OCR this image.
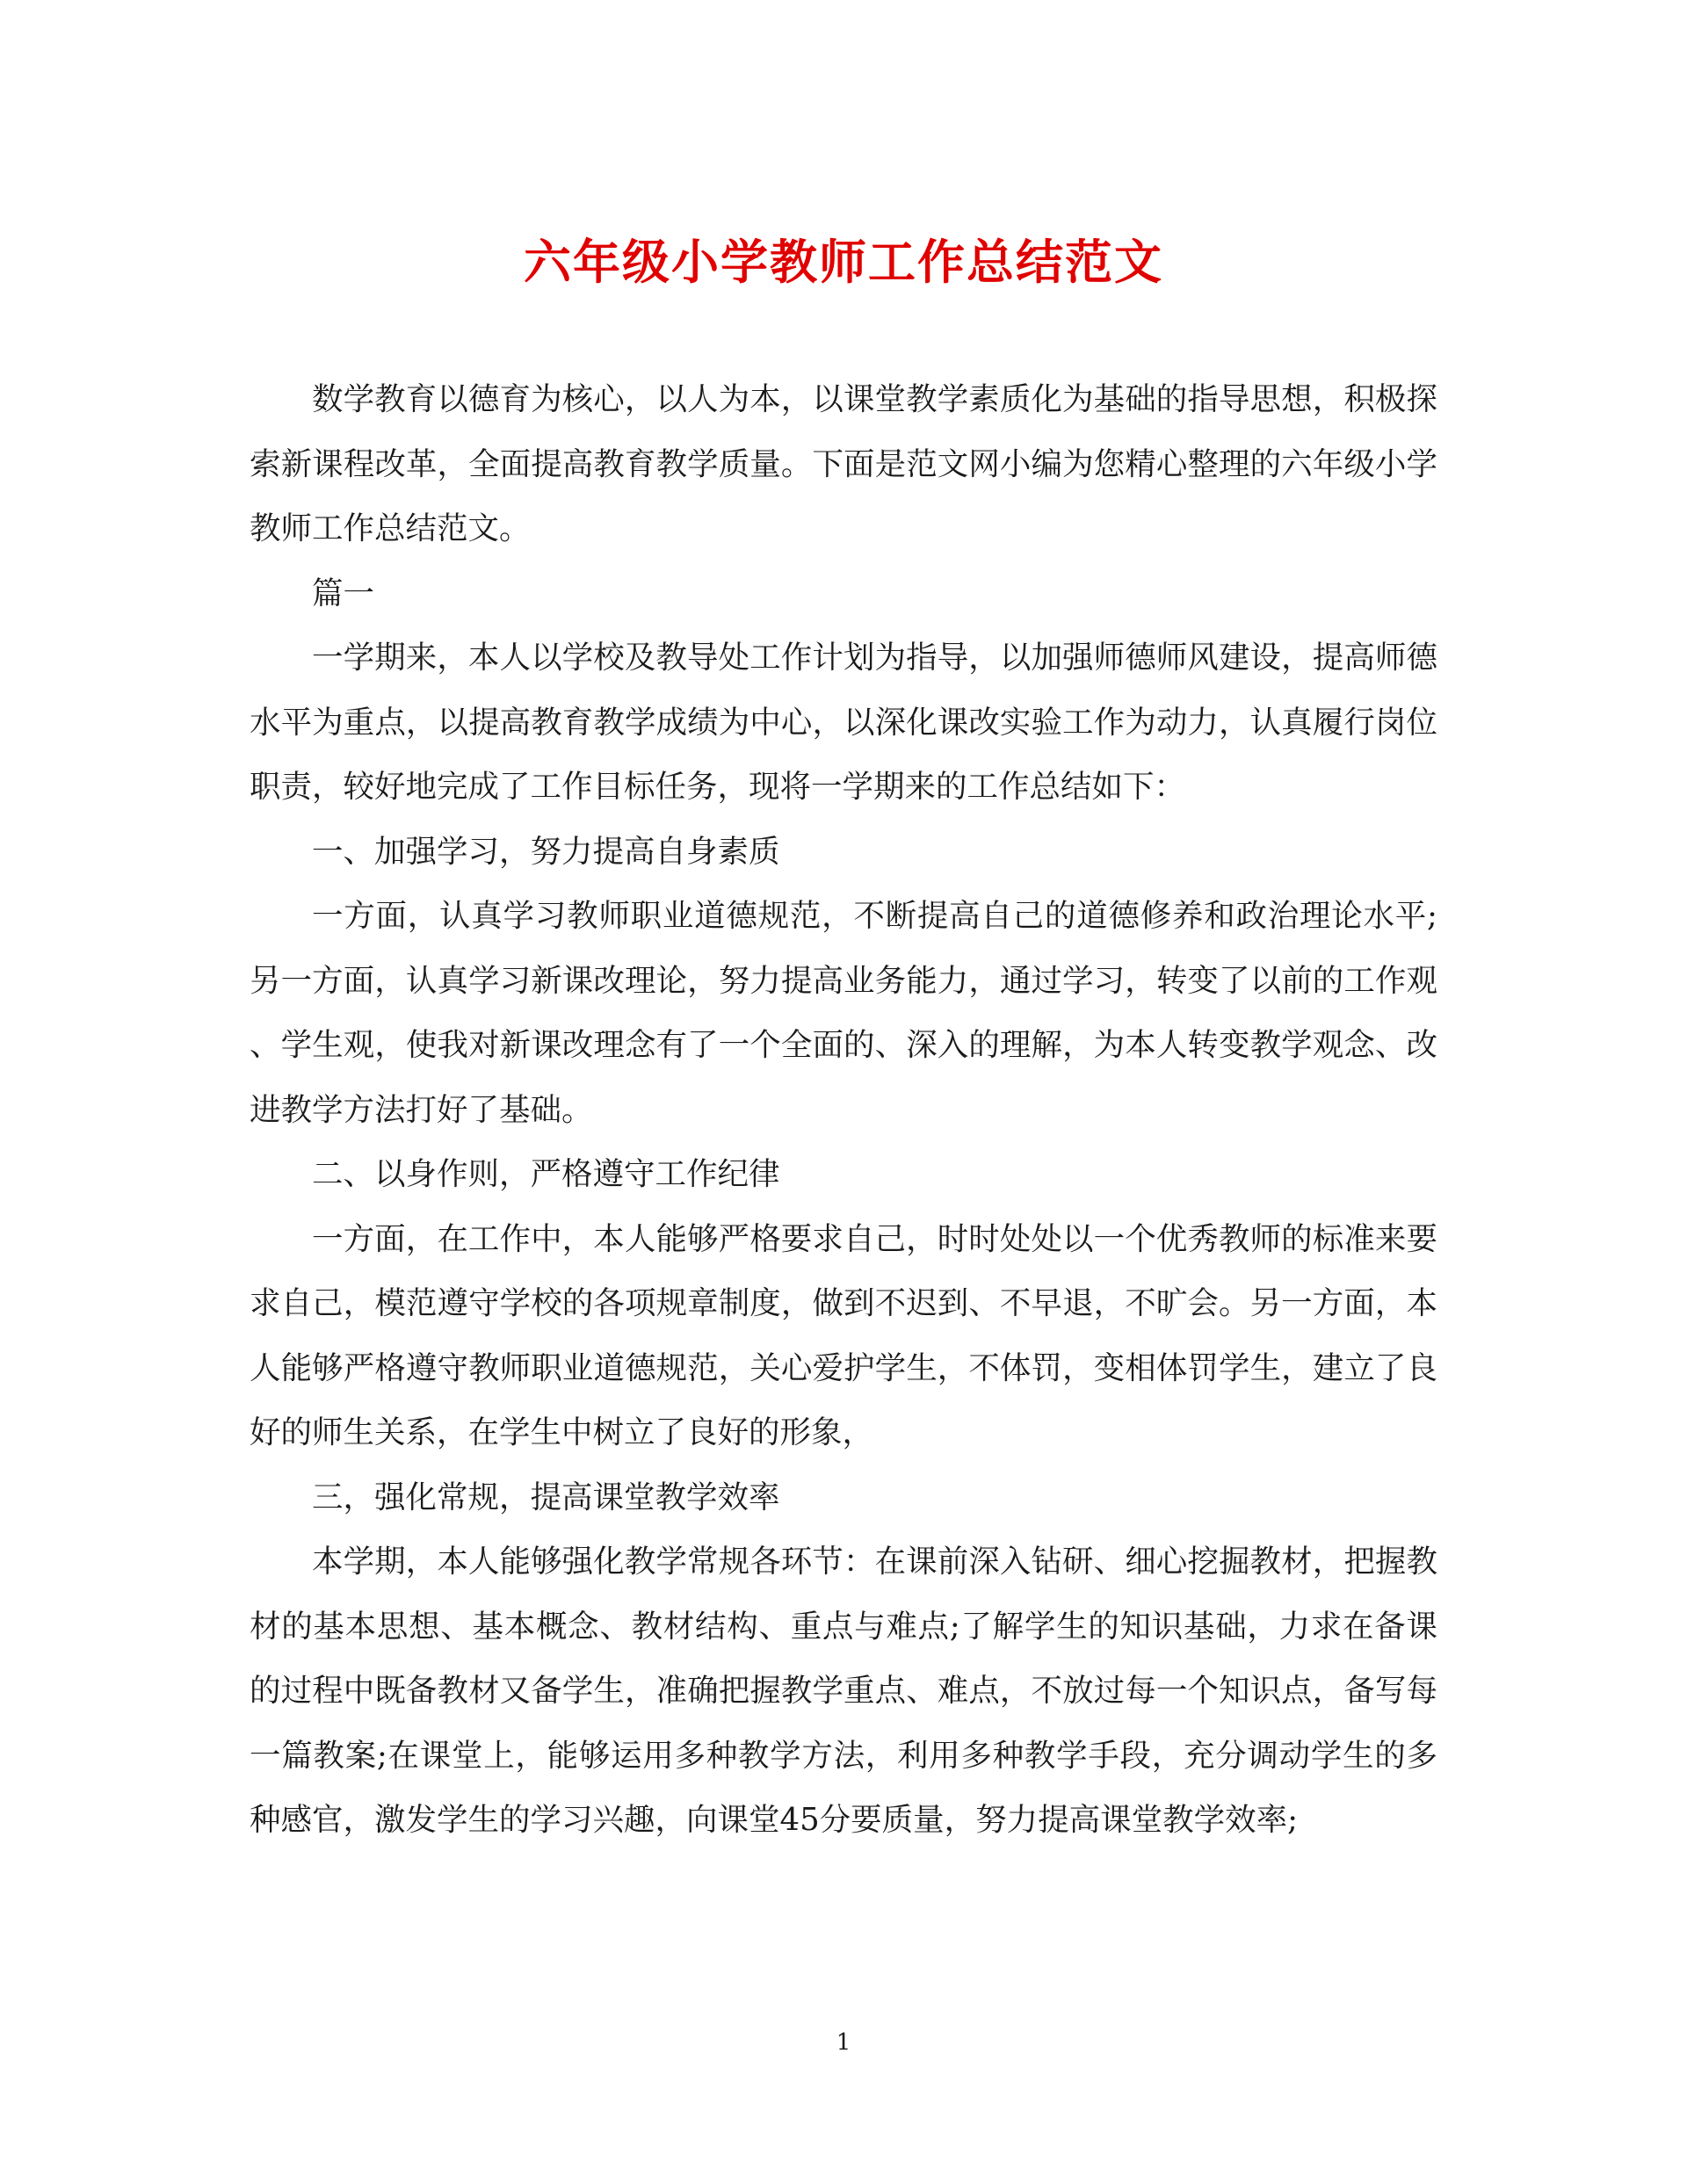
六年级小学教师工作总结范文

数学教育以德育为核心，以人为本，以课堂教学素质化为基础的指导思想，积极探索新课程改革，全面提高教育教学质量。下面是范文网小编为您精心整理的六年级小学教师工作总结范文。

篇一

一学期来，本人以学校及教导处工作计划为指导，以加强师德师风建设，提高师德水平为重点，以提高教育教学成绩为中心，以深化课改实验工作为动力，认真履行岗位职责，较好地完成了工作目标任务，现将一学期来的工作总结如下：

一、加强学习，努力提高自身素质

一方面，认真学习教师职业道德规范，不断提高自己的道德修养和政治理论水平;另一方面，认真学习新课改理论，努力提高业务能力，通过学习，转变了以前的工作观、学生观，使我对新课改理念有了一个全面的、深入的理解，为本人转变教学观念、改进教学方法打好了基础。

二、以身作则，严格遵守工作纪律

一方面，在工作中，本人能够严格要求自己，时时处处以一个优秀教师的标准来要求自己，模范遵守学校的各项规章制度，做到不迟到、不早退，不旷会。另一方面，本人能够严格遵守教师职业道德规范，关心爱护学生，不体罚，变相体罚学生，建立了良好的师生关系，在学生中树立了良好的形象，

三，强化常规，提高课堂教学效率

本学期，本人能够强化教学常规各环节：在课前深入钻研、细心挖掘教材，把握教材的基本思想、基本概念、教材结构、重点与难点;了解学生的知识基础，力求在备课的过程中既备教材又备学生，准确把握教学重点、难点，不放过每一个知识点，备写每一篇教案;在课堂上，能够运用多种教学方法，利用多种教学手段，充分调动学生的多种感官，激发学生的学习兴趣，向课堂45分要质量，努力提高课堂教学效率;

1
